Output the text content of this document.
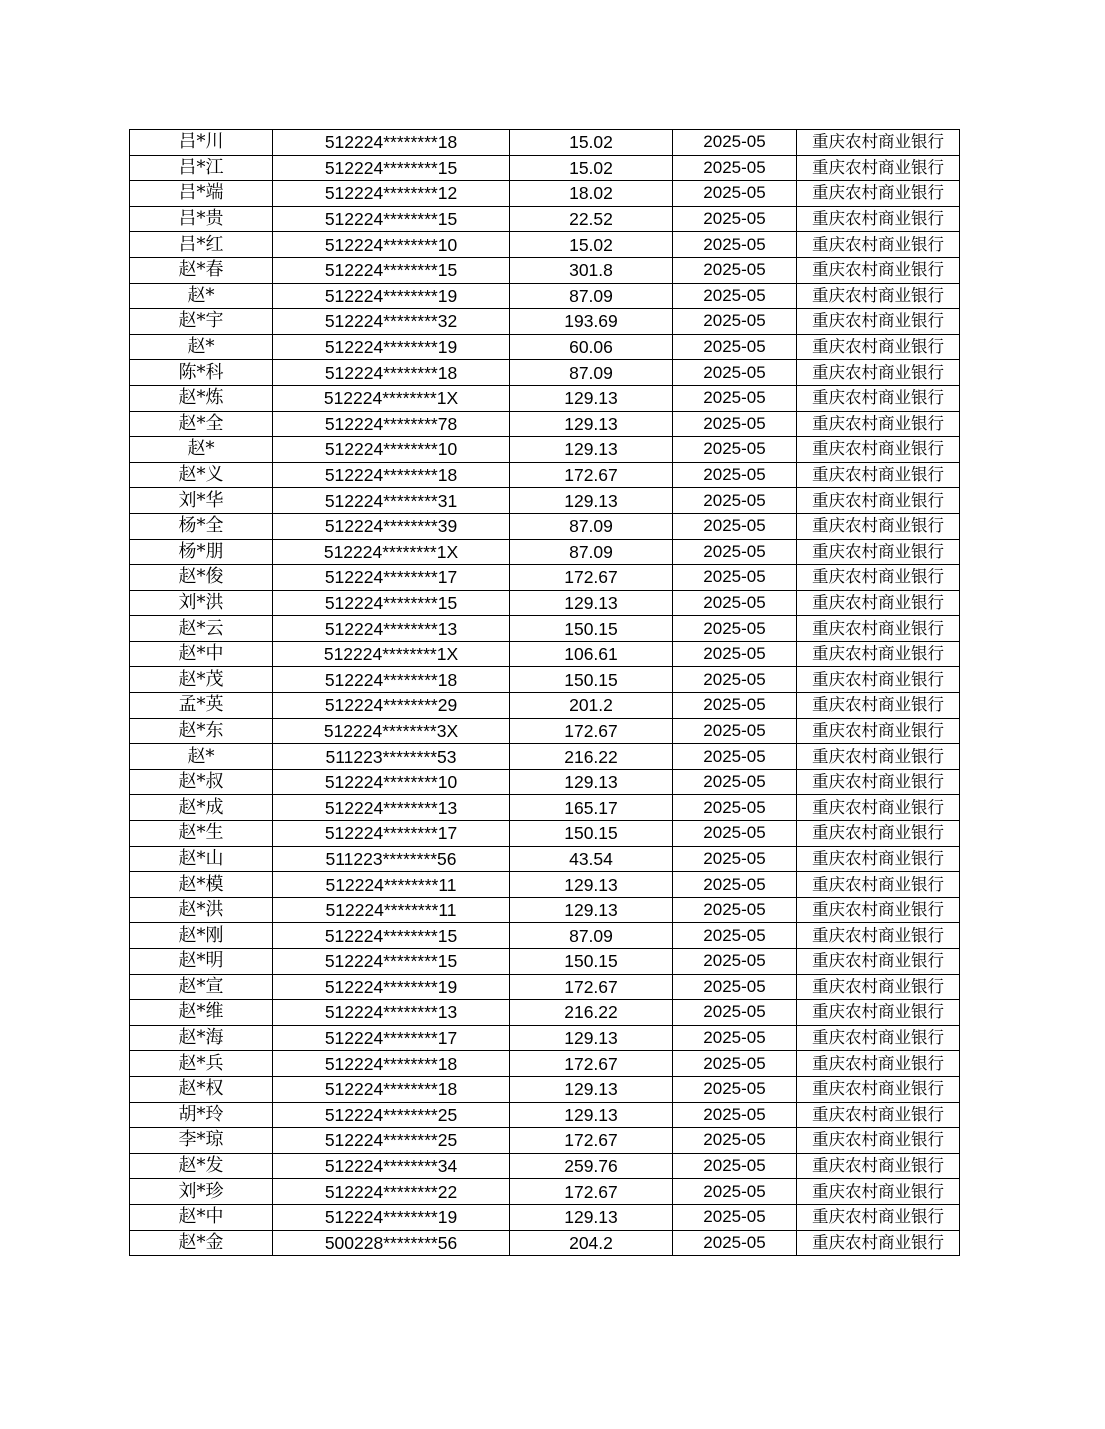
吕*川	512224********18	15.02	2025-05	重庆农村商业银行
吕*江	512224********15	15.02	2025-05	重庆农村商业银行
吕*端	512224********12	18.02	2025-05	重庆农村商业银行
吕*贵	512224********15	22.52	2025-05	重庆农村商业银行
吕*红	512224********10	15.02	2025-05	重庆农村商业银行
赵*春	512224********15	301.8	2025-05	重庆农村商业银行
赵*	512224********19	87.09	2025-05	重庆农村商业银行
赵*宇	512224********32	193.69	2025-05	重庆农村商业银行
赵*	512224********19	60.06	2025-05	重庆农村商业银行
陈*科	512224********18	87.09	2025-05	重庆农村商业银行
赵*炼	512224********1X	129.13	2025-05	重庆农村商业银行
赵*全	512224********78	129.13	2025-05	重庆农村商业银行
赵*	512224********10	129.13	2025-05	重庆农村商业银行
赵*义	512224********18	172.67	2025-05	重庆农村商业银行
刘*华	512224********31	129.13	2025-05	重庆农村商业银行
杨*全	512224********39	87.09	2025-05	重庆农村商业银行
杨*朋	512224********1X	87.09	2025-05	重庆农村商业银行
赵*俊	512224********17	172.67	2025-05	重庆农村商业银行
刘*洪	512224********15	129.13	2025-05	重庆农村商业银行
赵*云	512224********13	150.15	2025-05	重庆农村商业银行
赵*中	512224********1X	106.61	2025-05	重庆农村商业银行
赵*茂	512224********18	150.15	2025-05	重庆农村商业银行
孟*英	512224********29	201.2	2025-05	重庆农村商业银行
赵*东	512224********3X	172.67	2025-05	重庆农村商业银行
赵*	511223********53	216.22	2025-05	重庆农村商业银行
赵*叔	512224********10	129.13	2025-05	重庆农村商业银行
赵*成	512224********13	165.17	2025-05	重庆农村商业银行
赵*生	512224********17	150.15	2025-05	重庆农村商业银行
赵*山	511223********56	43.54	2025-05	重庆农村商业银行
赵*模	512224********11	129.13	2025-05	重庆农村商业银行
赵*洪	512224********11	129.13	2025-05	重庆农村商业银行
赵*刚	512224********15	87.09	2025-05	重庆农村商业银行
赵*明	512224********15	150.15	2025-05	重庆农村商业银行
赵*宣	512224********19	172.67	2025-05	重庆农村商业银行
赵*维	512224********13	216.22	2025-05	重庆农村商业银行
赵*海	512224********17	129.13	2025-05	重庆农村商业银行
赵*兵	512224********18	172.67	2025-05	重庆农村商业银行
赵*权	512224********18	129.13	2025-05	重庆农村商业银行
胡*玲	512224********25	129.13	2025-05	重庆农村商业银行
李*琼	512224********25	172.67	2025-05	重庆农村商业银行
赵*发	512224********34	259.76	2025-05	重庆农村商业银行
刘*珍	512224********22	172.67	2025-05	重庆农村商业银行
赵*中	512224********19	129.13	2025-05	重庆农村商业银行
赵*金	500228********56	204.2	2025-05	重庆农村商业银行
